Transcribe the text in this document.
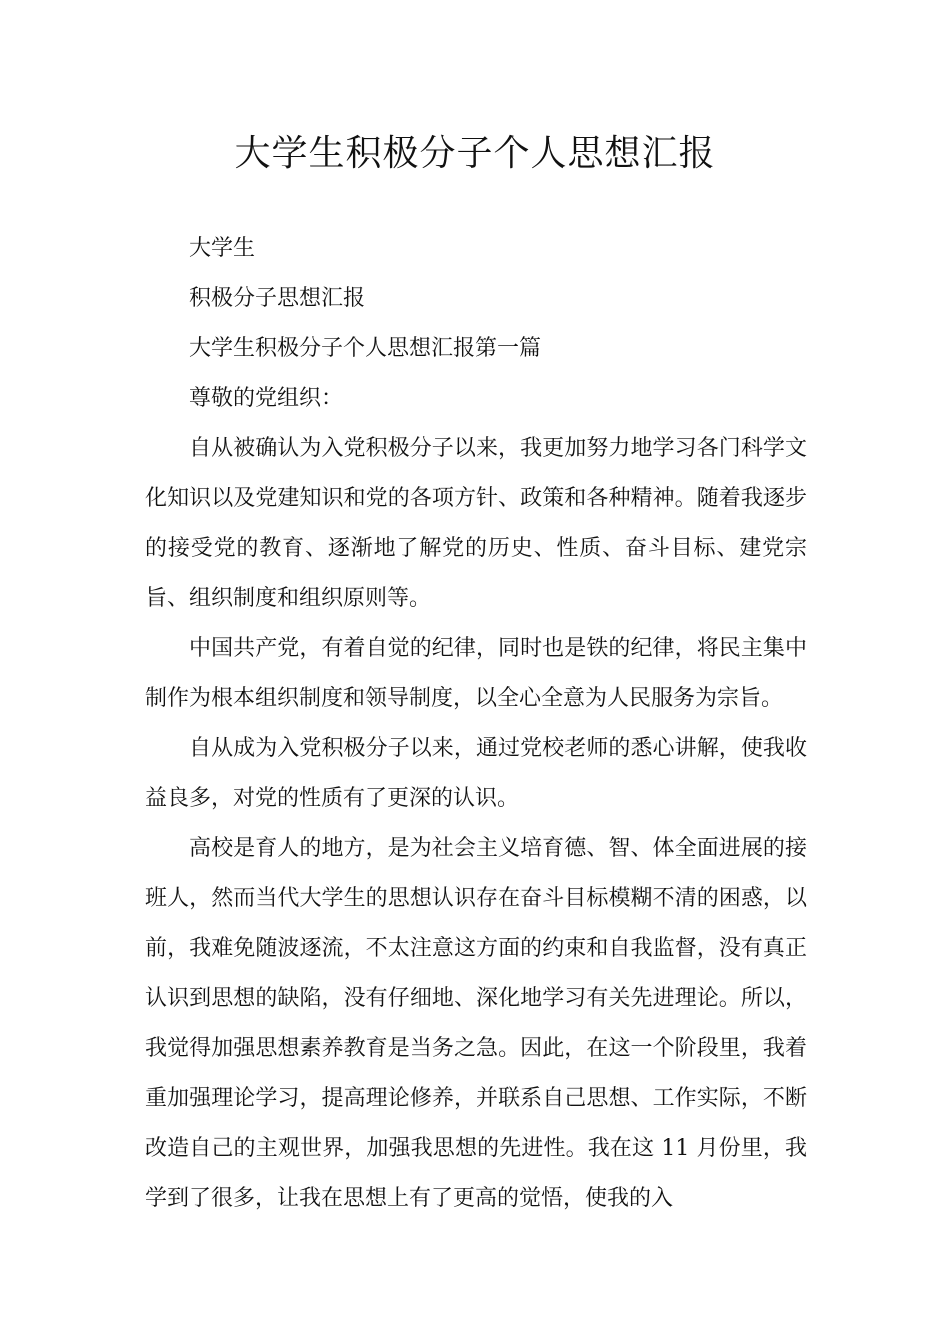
大学生积极分子个人思想汇报

大学生

积极分子思想汇报

大学生积极分子个人思想汇报第一篇

尊敬的党组织：

自从被确认为入党积极分子以来，我更加努力地学习各门科学文化知识以及党建知识和党的各项方针、政策和各种精神。随着我逐步的接受党的教育、逐渐地了解党的历史、性质、奋斗目标、建党宗旨、组织制度和组织原则等。

中国共产党，有着自觉的纪律，同时也是铁的纪律，将民主集中制作为根本组织制度和领导制度，以全心全意为人民服务为宗旨。

自从成为入党积极分子以来，通过党校老师的悉心讲解，使我收益良多，对党的性质有了更深的认识。

高校是育人的地方，是为社会主义培育德、智、体全面进展的接班人，然而当代大学生的思想认识存在奋斗目标模糊不清的困惑，以前，我难免随波逐流，不太注意这方面的约束和自我监督，没有真正认识到思想的缺陷，没有仔细地、深化地学习有关先进理论。所以，我觉得加强思想素养教育是当务之急。因此，在这一个阶段里，我着重加强理论学习，提高理论修养，并联系自己思想、工作实际，不断改造自己的主观世界，加强我思想的先进性。我在这 11 月份里，我学到了很多，让我在思想上有了更高的觉悟，使我的入
